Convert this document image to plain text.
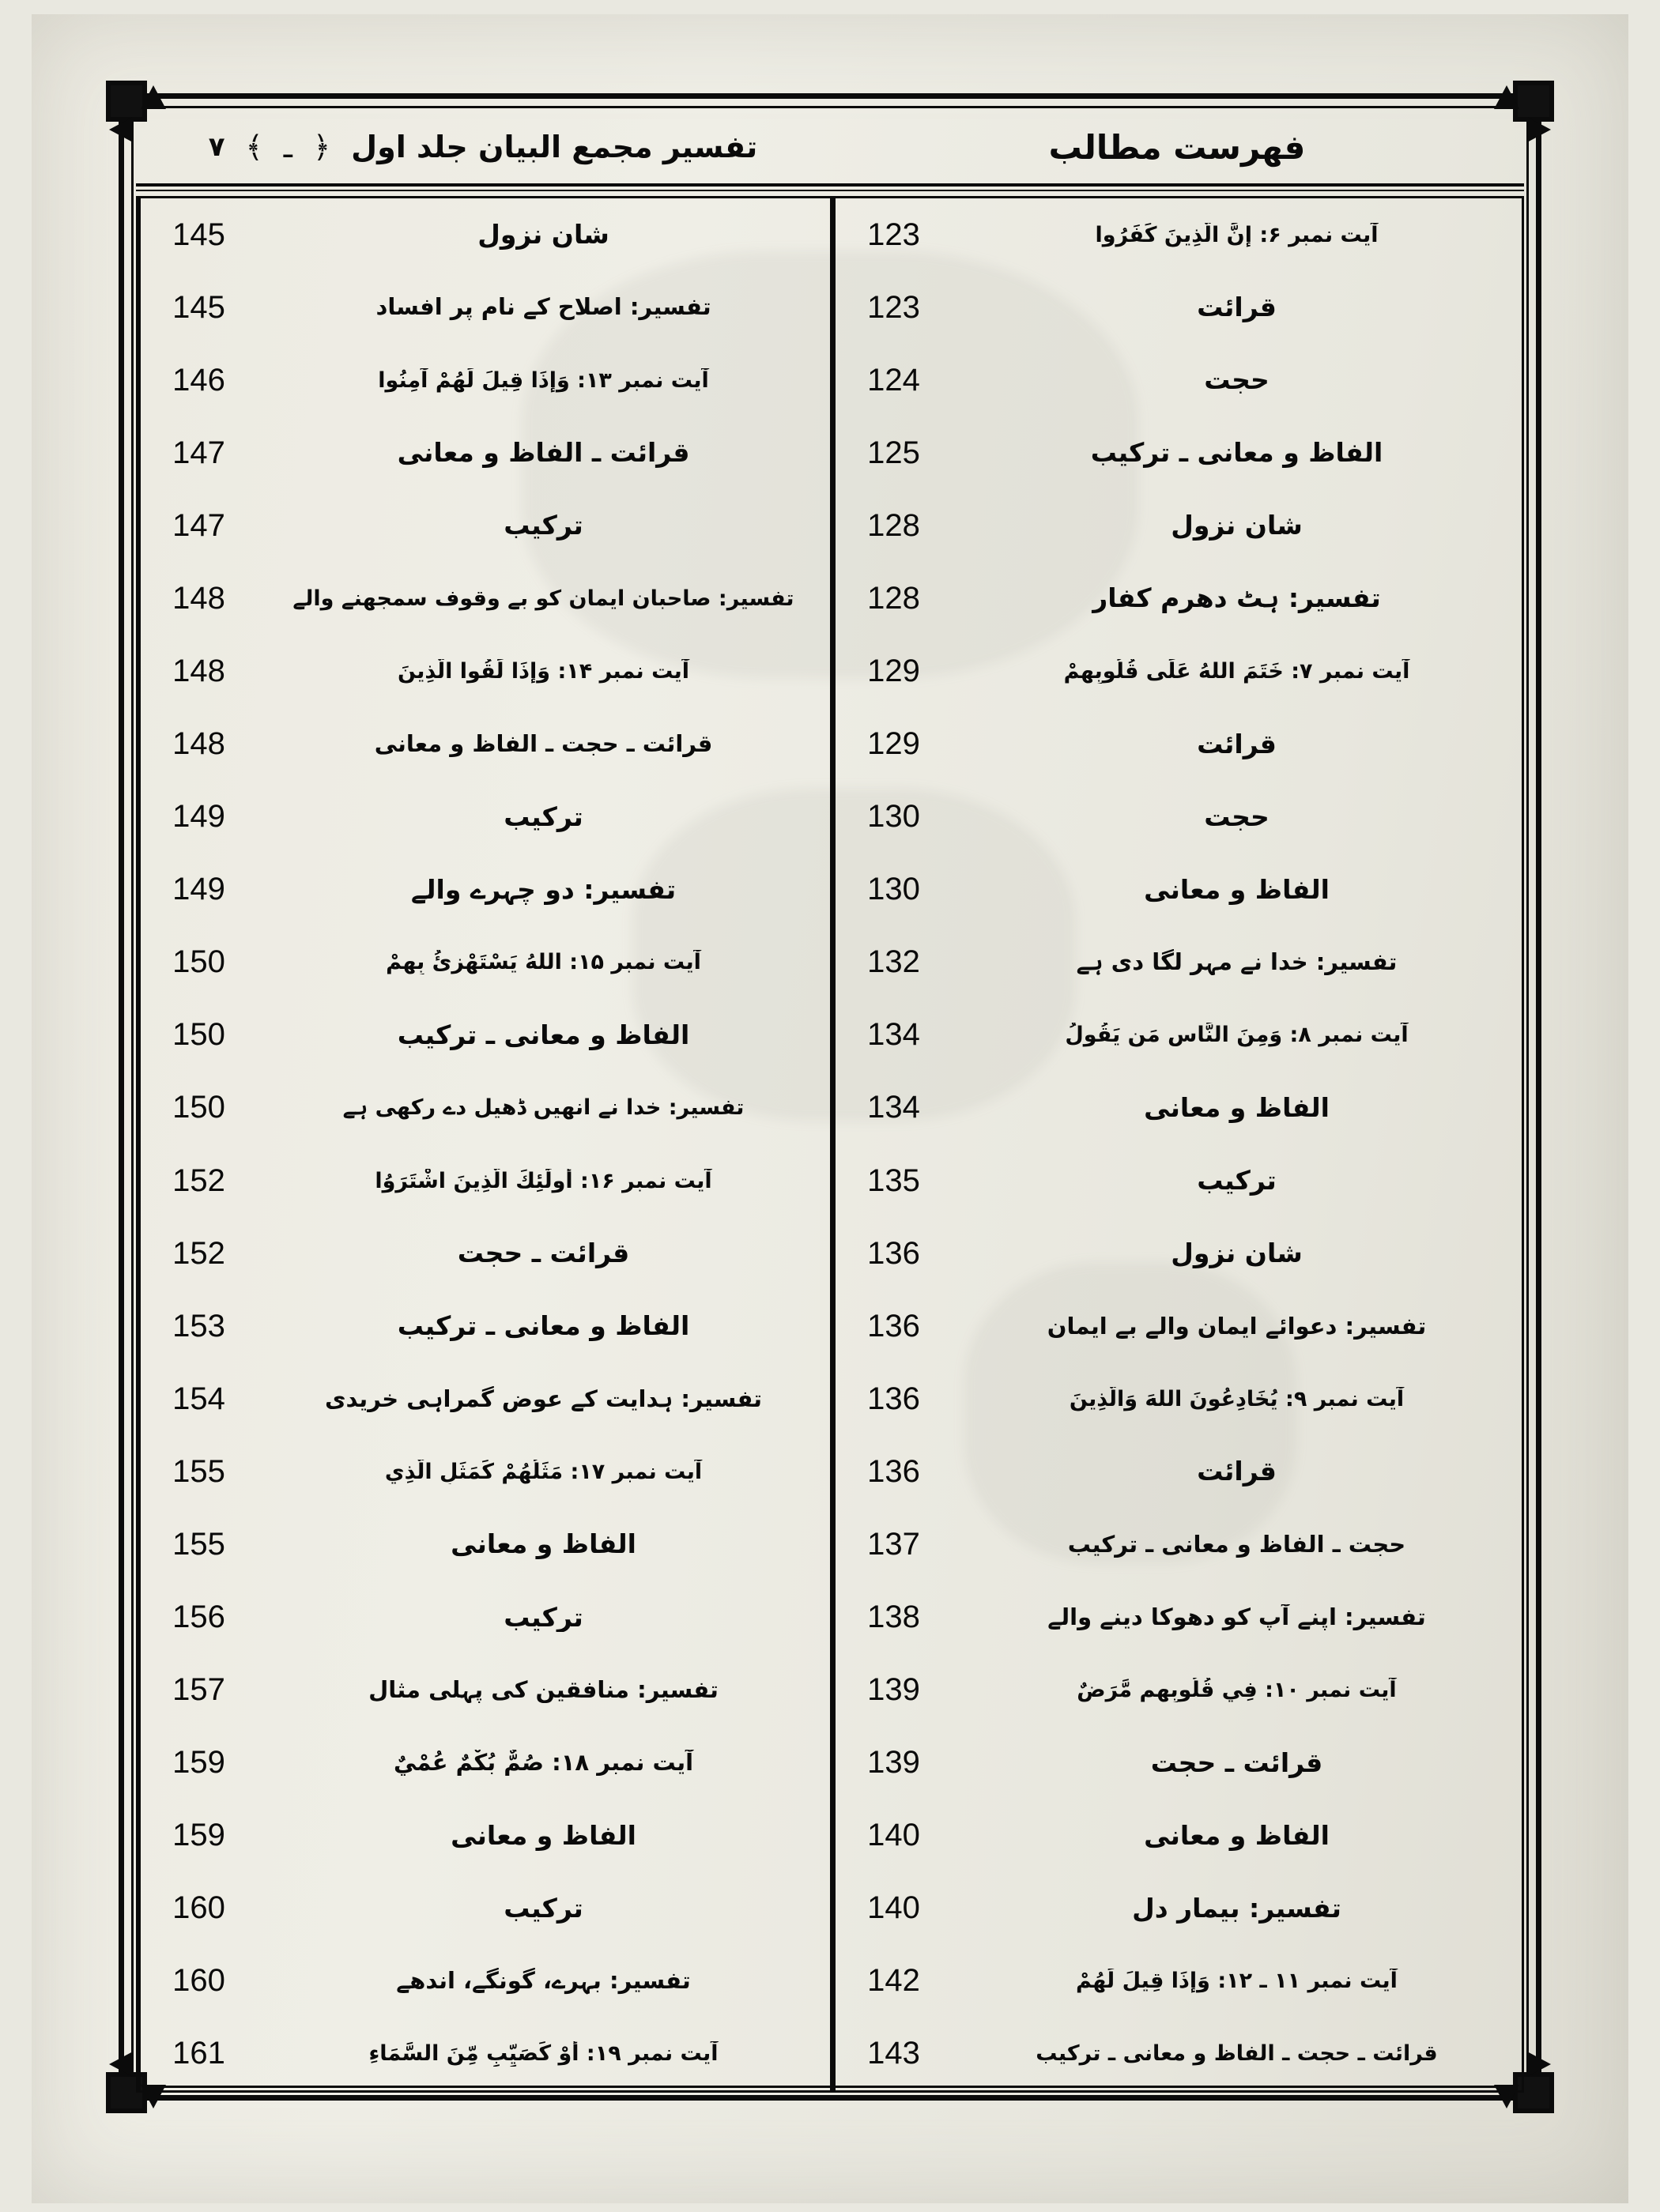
فهرست مطالب
تفسیر مجمع البیان جلد اول
﴿
ـ
﴾
۷
آیت نمبر ۶: إِنَّ الَّذِينَ كَفَرُوا
123
قرائت
123
حجت
124
الفاظ و معانی ـ ترکیب
125
شان نزول
128
تفسیر: ہٹ دھرم کفار
128
آیت نمبر ۷: خَتَمَ اللهُ عَلَى قُلُوبِهِمْ
129
قرائت
129
حجت
130
الفاظ و معانی
130
تفسیر: خدا نے مہر لگا دی ہے
132
آیت نمبر ۸: وَمِنَ النَّاسِ مَن يَقُولُ
134
الفاظ و معانی
134
ترکیب
135
شان نزول
136
تفسیر: دعوائے ایمان والے بے ایمان
136
آیت نمبر ۹: يُخَادِعُونَ اللهَ وَالَّذِينَ
136
قرائت
136
حجت ـ الفاظ و معانی ـ ترکیب
137
تفسیر: اپنے آپ کو دھوکا دینے والے
138
آیت نمبر ۱۰: فِي قُلُوبِهِم مَّرَضٌ
139
قرائت ـ حجت
139
الفاظ و معانی
140
تفسیر: بیمار دل
140
آیت نمبر ۱۱ ـ ۱۲: وَإِذَا قِيلَ لَهُمْ
142
قرائت ـ حجت ـ الفاظ و معانی ـ ترکیب
143
شان نزول
145
تفسیر: اصلاح کے نام پر افساد
145
آیت نمبر ۱۳: وَإِذَا قِيلَ لَهُمْ آمِنُوا
146
قرائت ـ الفاظ و معانی
147
ترکیب
147
تفسیر: صاحبان ایمان کو بے وقوف سمجھنے والے
148
آیت نمبر ۱۴: وَإِذَا لَقُوا الَّذِينَ
148
قرائت ـ حجت ـ الفاظ و معانی
148
ترکیب
149
تفسیر: دو چہرے والے
149
آیت نمبر ۱۵: اللهُ يَسْتَهْزِئُ بِهِمْ
150
الفاظ و معانی ـ ترکیب
150
تفسیر: خدا نے انھیں ڈھیل دے رکھی ہے
150
آیت نمبر ۱۶: أُولَٰئِكَ الَّذِينَ اشْتَرَوُا
152
قرائت ـ حجت
152
الفاظ و معانی ـ ترکیب
153
تفسیر: ہدایت کے عوض گمراہی خریدی
154
آیت نمبر ۱۷: مَثَلُهُمْ كَمَثَلِ الَّذِي
155
الفاظ و معانی
155
ترکیب
156
تفسیر: منافقین کی پہلی مثال
157
آیت نمبر ۱۸: صُمٌّ بُكْمٌ عُمْيٌ
159
الفاظ و معانی
159
ترکیب
160
تفسیر: بہرے، گونگے، اندھے
160
آیت نمبر ۱۹: أَوْ كَصَيِّبٍ مِّنَ السَّمَاءِ
161
